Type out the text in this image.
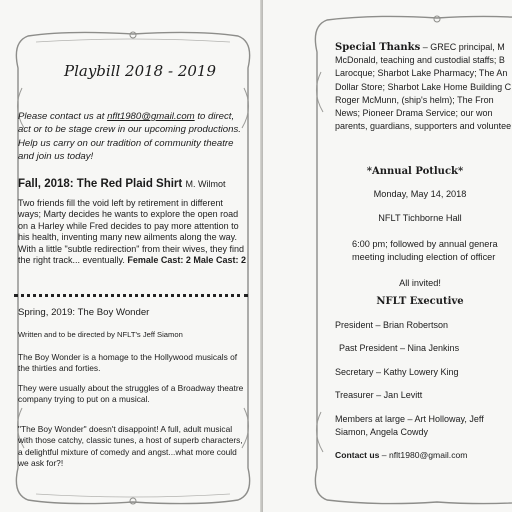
Playbill 2018 - 2019
Please contact us at nflt1980@gmail.com to direct, act or to be stage crew in our upcoming productions. Help us carry on our tradition of community theatre and join us today!
Fall, 2018: The Red Plaid Shirt M. Wilmot
Two friends fill the void left by retirement in different ways; Marty decides he wants to explore the open road on a Harley while Fred decides to pay more attention to his health, inventing many new ailments along the way. With a little "subtle redirection" from their wives, they find the right track... eventually. Female Cast: 2 Male Cast: 2
Spring, 2019: The Boy Wonder
Written and to be directed by NFLT's Jeff Siamon
The Boy Wonder is a homage to the Hollywood musicals of the thirties and forties.
They were usually about the struggles of a Broadway theatre company trying to put on a musical.
"The Boy Wonder" doesn't disappoint! A full, adult musical with those catchy, classic tunes, a host of superb characters, a delightful mixture of comedy and angst...what more could we ask for?!
Special Thanks – GREC principal, M
McDonald, teaching and custodial staffs; B
Larocque; Sharbot Lake Pharmacy; The An
Dollar Store; Sharbot Lake Home Building C
Roger McMunn, (ship's helm); The Fron
News; Pioneer Drama Service; our won
parents, guardians, supporters and voluntee
*Annual Potluck*
Monday, May 14, 2018
NFLT Tichborne Hall
6:00 pm; followed by annual genera
meeting including election of officer
All invited!
NFLT Executive
President – Brian Robertson
Past President – Nina Jenkins
Secretary – Kathy Lowery King
Treasurer – Jan Levitt
Members at large – Art Holloway, Jeff
Siamon, Angela Cowdy
Contact us – nflt1980@gmail.com
